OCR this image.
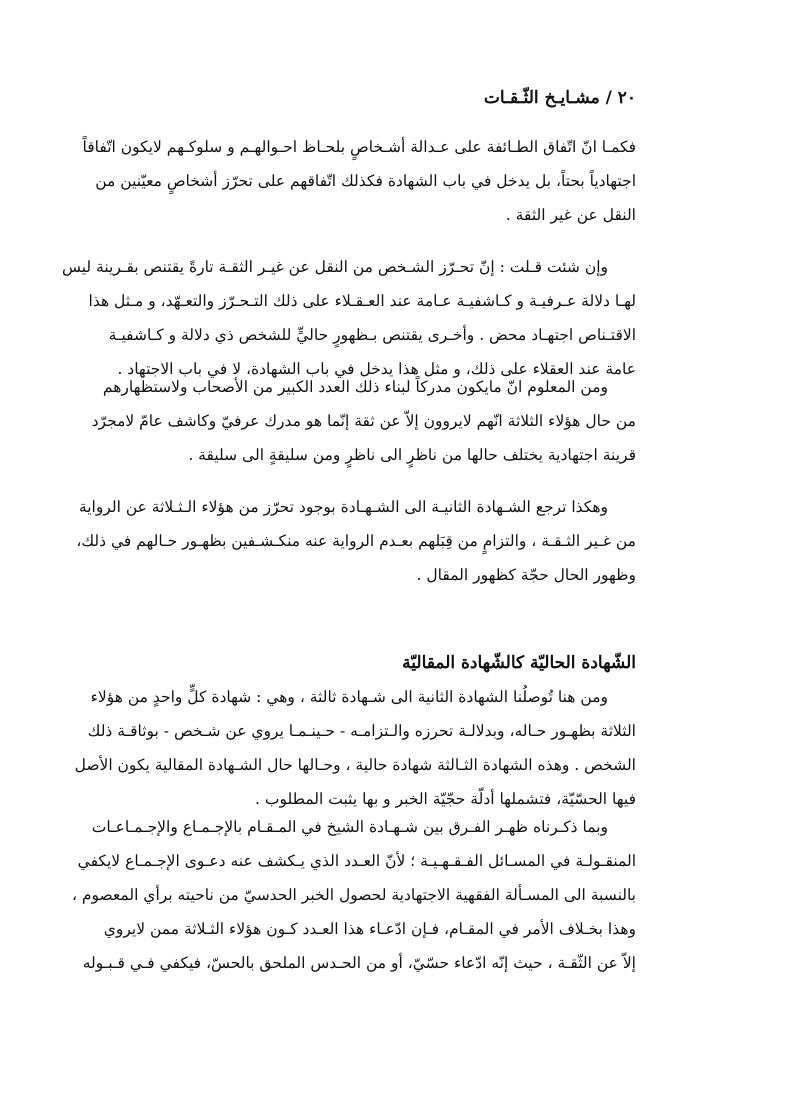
٢٠ / مشـايـخ الثّـقـات
فكمـا انّ اتّفاق الطـائفة على عـدالة أشـخاصٍ بلحـاظ احـوالهـم و سلوكـهم لايكون اتّفاقاً
اجتهادياً بحتاً، بل يدخل في باب الشهادة فكذلك اتّفاقهم على تحرّز أشخاصٍ معيّنين من
النقل عن غير الثقة .
وإن شئت قـلت : إنّ تحـرّز الشـخص من النقل عن غيـر الثقـة تارةً يقتنص بقـرينة ليس
لهـا دلالة عـرفيـة و كـاشفيـة عـامة عند العـقـلاء على ذلك التـحـرّز والتعـهّد، و مـثل هذا
الاقتـناص اجتهـاد محض . وأخـرى يقتنص بـظهورٍ حاليٍّ للشخص ذي دلالة و كـاشفيـة
عامة عند العقلاء على ذلك، و مثل هذا يدخل في باب الشهادة، لا في باب الاجتهاد .
ومن المعلوم انّ مايكون مدركاً لبناء ذلك العدد الكبير من الأصحاب ولاستظهارهم
من حال هؤلاء الثلاثة انّهم لايروون إلاّ عن ثقة إنّما هو مدرك عرفيّ وكاشف عامّ لامجرّد
قرينة اجتهادية يختلف حالها من ناظرٍ الى ناظرٍ ومن سليقةٍ الى سليقة .
وهكذا ترجع الشـهادة الثانيـة الى الشـهـادة بوجود تحرّز من هؤلاء الـثـلاثة عن الرواية
من غـير الثـقـة ، والتزامٍ من قِبَلهم بعـدم الرواية عنه منكـشـفين بظهـور حـالهم في ذلك،
وظهور الحال حجّة كظهور المقال .
الشّهادة الحاليّة كالشّهادة المقاليّة
ومن هنا تُوصلُنا الشهادة الثانية الى شـهادة ثالثة ، وهي : شهادة كلٍّ واحدٍ من هؤلاء
الثلاثة بظهـور حـاله، وبدلالـة تحرزه والـتزامـه - حـينـمـا يروي عن شـخص - بوثاقـة ذلك
الشخص . وهذه الشهادة الثـالثة شهادة حالية ، وحـالها حال الشـهادة المقالية يكون الأصل
فيها الحسّيّة، فتشملها أدلّة حجّيّة الخبر و بها يثبت المطلوب .
وبما ذكـرناه ظهـر الفـرق بين شـهـادة الشيخ في المـقـام بالإجـمـاع والإجـمـاعـات
المنقـولـة في المسـائل الفـقـهـيـة ؛ لأنّ العـدد الذي يـكشف عنه دعـوى الإجـمـاع لايكفي
بالنسبة الى المسـألة الفقهية الاجتهادية لحصول الخبر الحدسيّ من ناحيته برأي المعصوم ،
وهذا بخـلاف الأمر في المقـام، فـإن ادّعـاء هذا العـدد كـون هؤلاء الثـلاثة ممن لايروي
إلاّ عن الثّقـة ، حيث إنّه ادّعاء حسّيّ، أو من الحـدس الملحق بالحسّ، فيكفي فـي قـبـوله
